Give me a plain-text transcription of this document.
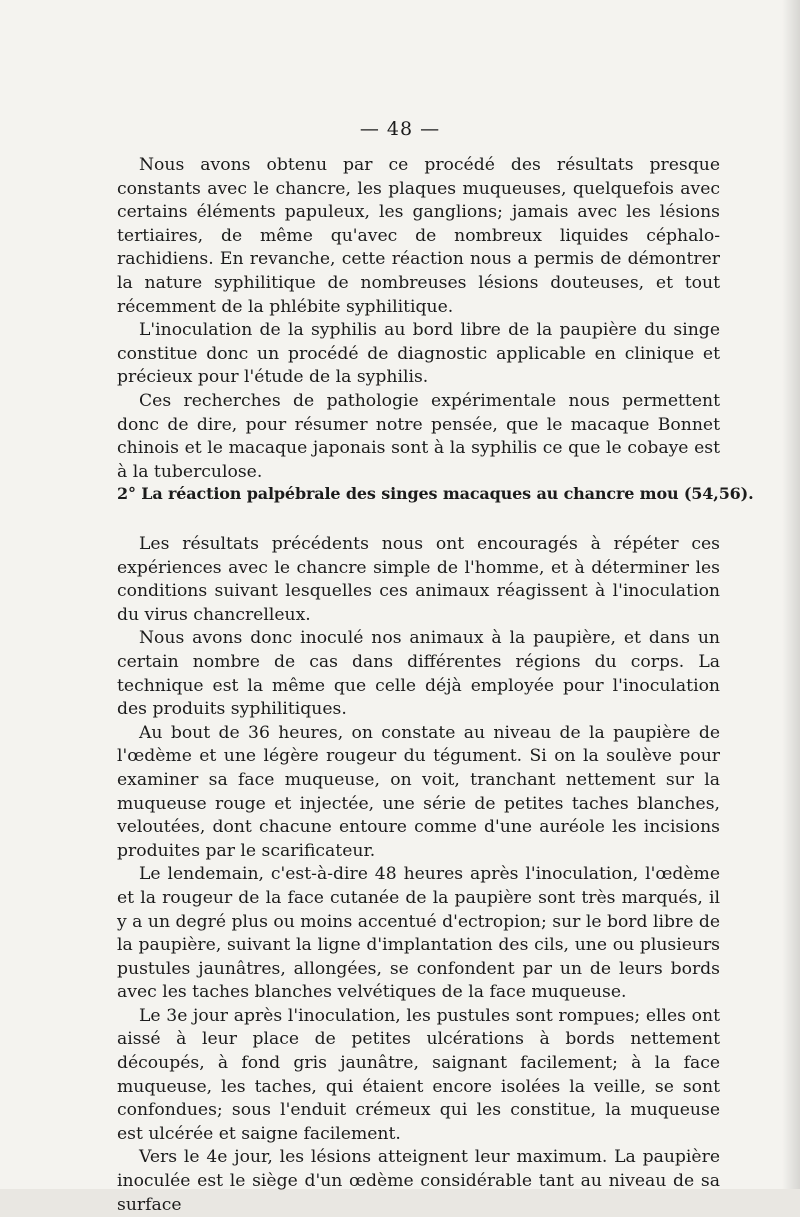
— 48 —

Nous avons obtenu par ce procédé des résultats presque constants avec le chancre, les plaques muqueuses, quelquefois avec certains éléments papuleux, les ganglions; jamais avec les lésions tertiaires, de même qu'avec de nombreux liquides céphalo-rachidiens. En revanche, cette réaction nous a permis de démontrer la nature syphilitique de nombreuses lésions douteuses, et tout récemment de la phlébite syphilitique.

L'inoculation de la syphilis au bord libre de la paupière du singe constitue donc un procédé de diagnostic applicable en clinique et précieux pour l'étude de la syphilis.

Ces recherches de pathologie expérimentale nous permettent donc de dire, pour résumer notre pensée, que le macaque Bonnet chinois et le macaque japonais sont à la syphilis ce que le cobaye est à la tuberculose.

2° La réaction palpébrale des singes macaques au chancre mou (54,56).

Les résultats précédents nous ont encouragés à répéter ces expériences avec le chancre simple de l'homme, et à déterminer les conditions suivant lesquelles ces animaux réagissent à l'inoculation du virus chancrelleux.

Nous avons donc inoculé nos animaux à la paupière, et dans un certain nombre de cas dans différentes régions du corps. La technique est la même que celle déjà employée pour l'inoculation des produits syphilitiques.

Au bout de 36 heures, on constate au niveau de la paupière de l'œdème et une légère rougeur du tégument. Si on la soulève pour examiner sa face muqueuse, on voit, tranchant nettement sur la muqueuse rouge et injectée, une série de petites taches blanches, veloutées, dont chacune entoure comme d'une auréole les incisions produites par le scarificateur.

Le lendemain, c'est-à-dire 48 heures après l'inoculation, l'œdème et la rougeur de la face cutanée de la paupière sont très marqués, il y a un degré plus ou moins accentué d'ectropion; sur le bord libre de la paupière, suivant la ligne d'implantation des cils, une ou plusieurs pustules jaunâtres, allongées, se confondent par un de leurs bords avec les taches blanches velvétiques de la face muqueuse.

Le 3e jour après l'inoculation, les pustules sont rompues; elles ont aissé à leur place de petites ulcérations à bords nettement découpés, à fond gris jaunâtre, saignant facilement; à la face muqueuse, les taches, qui étaient encore isolées la veille, se sont confondues; sous l'enduit crémeux qui les constitue, la muqueuse est ulcérée et saigne facilement.

Vers le 4e jour, les lésions atteignent leur maximum. La paupière inoculée est le siège d'un œdème considérable tant au niveau de sa surface
